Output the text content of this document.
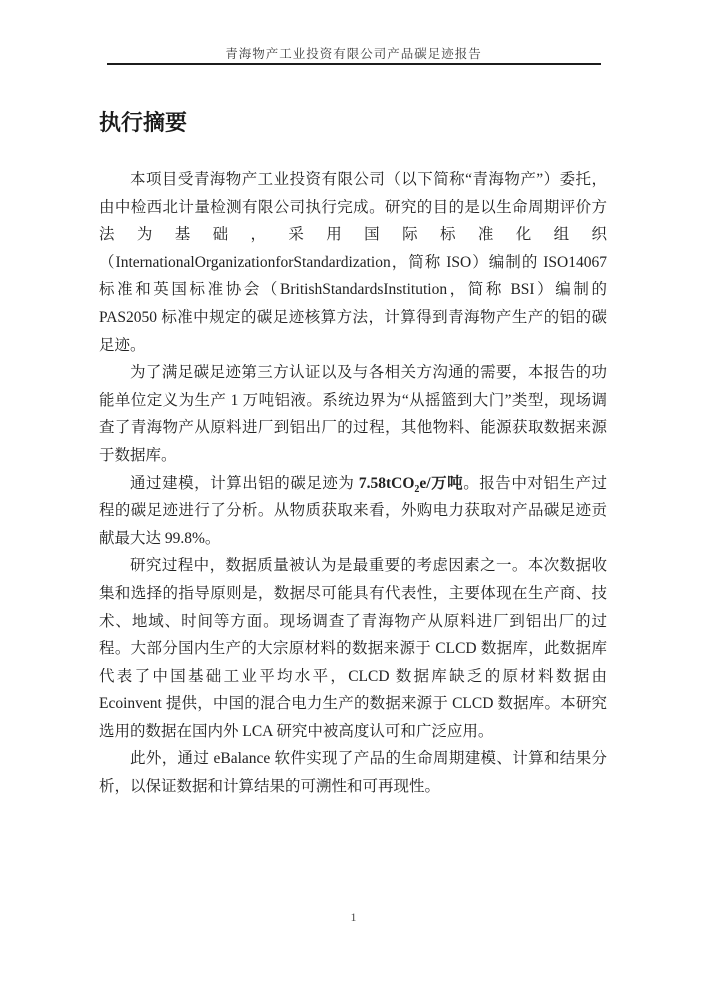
青海物产工业投资有限公司产品碳足迹报告
执行摘要

本项目受青海物产工业投资有限公司（以下简称“青海物产”）委托，由中检西北计量检测有限公司执行完成。研究的目的是以生命周期评价方法为基础，采用国际标准化组织（InternationalOrganizationforStandardization，简称 ISO）编制的 ISO14067 标准和英国标准协会（BritishStandardsInstitution，简称 BSI）编制的 PAS2050 标准中规定的碳足迹核算方法，计算得到青海物产生产的铝的碳足迹。

为了满足碳足迹第三方认证以及与各相关方沟通的需要，本报告的功能单位定义为生产 1 万吨铝液。系统边界为“从摇篮到大门”类型，现场调查了青海物产从原料进厂到铝出厂的过程，其他物料、能源获取数据来源于数据库。

通过建模，计算出铝的碳足迹为 7.58tCO$_2$e/万吨。报告中对铝生产过程的碳足迹进行了分析。从物质获取来看，外购电力获取对产品碳足迹贡献最大达 99.8%。

研究过程中，数据质量被认为是最重要的考虑因素之一。本次数据收集和选择的指导原则是，数据尽可能具有代表性，主要体现在生产商、技术、地域、时间等方面。现场调查了青海物产从原料进厂到铝出厂的过程。大部分国内生产的大宗原材料的数据来源于 CLCD 数据库，此数据库代表了中国基础工业平均水平，CLCD 数据库缺乏的原材料数据由 Ecoinvent 提供，中国的混合电力生产的数据来源于 CLCD 数据库。本研究选用的数据在国内外 LCA 研究中被高度认可和广泛应用。

此外，通过 eBalance 软件实现了产品的生命周期建模、计算和结果分析，以保证数据和计算结果的可溯性和可再现性。

1
